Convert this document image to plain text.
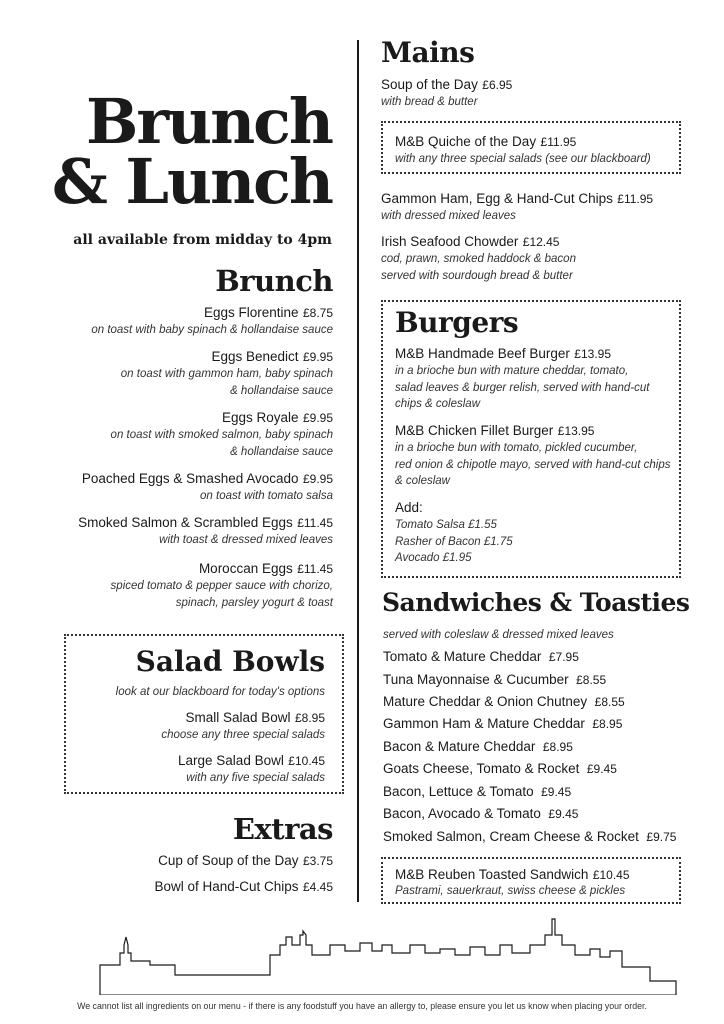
Brunch
& Lunch
all available from midday to 4pm
Brunch
Eggs Florentine £8.75
on toast with baby spinach & hollandaise sauce
Eggs Benedict £9.95
on toast with gammon ham, baby spinach
& hollandaise sauce
Eggs Royale £9.95
on toast with smoked salmon, baby spinach
& hollandaise sauce
Poached Eggs & Smashed Avocado £9.95
on toast with tomato salsa
Smoked Salmon & Scrambled Eggs £11.45
with toast & dressed mixed leaves
Moroccan Eggs £11.45
spiced tomato & pepper sauce with chorizo,
spinach, parsley yogurt & toast
Salad Bowls
look at our blackboard for today's options
Small Salad Bowl £8.95
choose any three special salads
Large Salad Bowl £10.45
with any five special salads
Extras
Cup of Soup of the Day £3.75
Bowl of Hand-Cut Chips £4.45
Mains
Soup of the Day £6.95
with bread & butter
M&B Quiche of the Day £11.95
with any three special salads (see our blackboard)
Gammon Ham, Egg & Hand-Cut Chips £11.95
with dressed mixed leaves
Irish Seafood Chowder £12.45
cod, prawn, smoked haddock & bacon
served with sourdough bread & butter
Burgers
M&B Handmade Beef Burger £13.95
in a brioche bun with mature cheddar, tomato,
salad leaves & burger relish, served with hand-cut
chips & coleslaw
M&B Chicken Fillet Burger £13.95
in a brioche bun with tomato, pickled cucumber,
red onion & chipotle mayo, served with hand-cut chips
& coleslaw
Add:
Tomato Salsa £1.55
Rasher of Bacon £1.75
Avocado £1.95
Sandwiches & Toasties
served with coleslaw & dressed mixed leaves
Tomato & Mature Cheddar £7.95
Tuna Mayonnaise & Cucumber £8.55
Mature Cheddar & Onion Chutney £8.55
Gammon Ham & Mature Cheddar £8.95
Bacon & Mature Cheddar £8.95
Goats Cheese, Tomato & Rocket £9.45
Bacon, Lettuce & Tomato £9.45
Bacon, Avocado & Tomato £9.45
Smoked Salmon, Cream Cheese & Rocket £9.75
M&B Reuben Toasted Sandwich £10.45
Pastrami, sauerkraut, swiss cheese & pickles
We cannot list all ingredients on our menu - if there is any foodstuff you have an allergy to, please ensure you let us know when placing your order.
